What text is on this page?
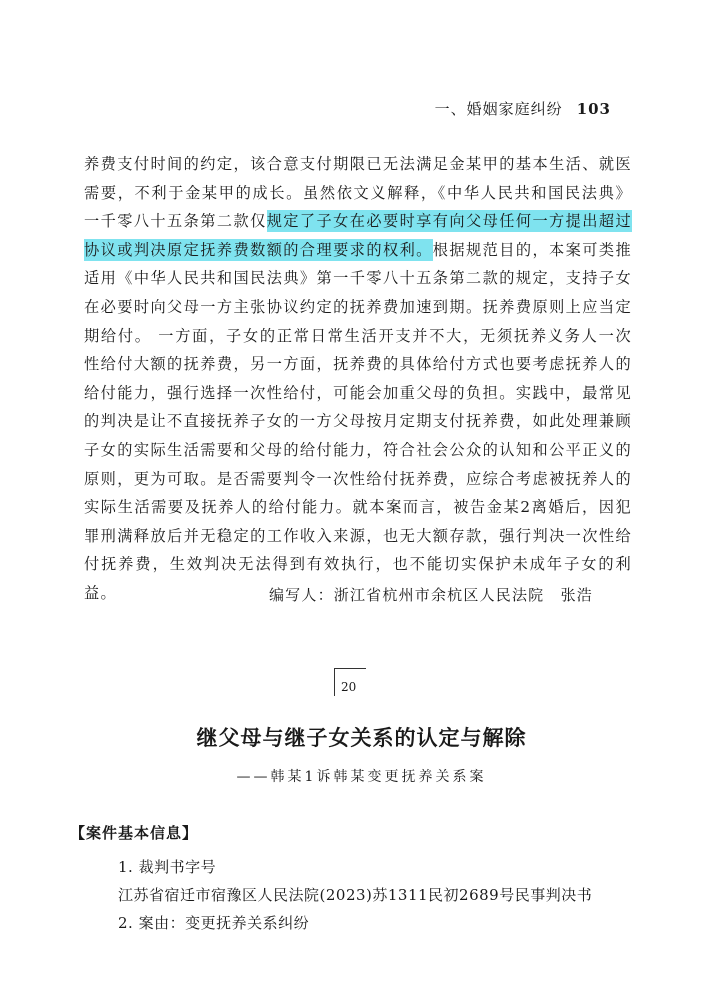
一、婚姻家庭纠纷 103

养费支付时间的约定，该合意支付期限已无法满足金某甲的基本生活、就医需要，不利于金某甲的成长。虽然依文义解释，《中华人民共和国民法典》 一千零八十五条第二款仅规定了子女在必要时享有向父母任何一方提出超过协议或判决原定抚养费数额的合理要求的权利。根据规范目的，本案可类推适用《中华人民共和国民法典》第一千零八十五条第二款的规定，支持子女在必要时向父母一方主张协议约定的抚养费加速到期。抚养费原则上应当定期给付。 一方面，子女的正常日常生活开支并不大，无须抚养义务人一次性给付大额的抚养费，另一方面，抚养费的具体给付方式也要考虑抚养人的给付能力，强行选择一次性给付，可能会加重父母的负担。实践中，最常见的判决是让不直接抚养子女的一方父母按月定期支付抚养费，如此处理兼顾子女的实际生活需要和父母的给付能力，符合社会公众的认知和公平正义的原则，更为可取。是否需要判令一次性给付抚养费，应综合考虑被抚养人的实际生活需要及抚养人的给付能力。就本案而言，被告金某2离婚后，因犯罪刑满释放后并无稳定的工作收入来源，也无大额存款，强行判决一次性给付抚养费，生效判决无法得到有效执行，也不能切实保护未成年子女的利益。	编写人：浙江省杭州市余杭区人民法院　张浩
20
继父母与继子女关系的认定与解除
——韩某1诉韩某变更抚养关系案
【案件基本信息】
1. 裁判书字号
江苏省宿迁市宿豫区人民法院(2023)苏1311民初2689号民事判决书
2. 案由：变更抚养关系纠纷
